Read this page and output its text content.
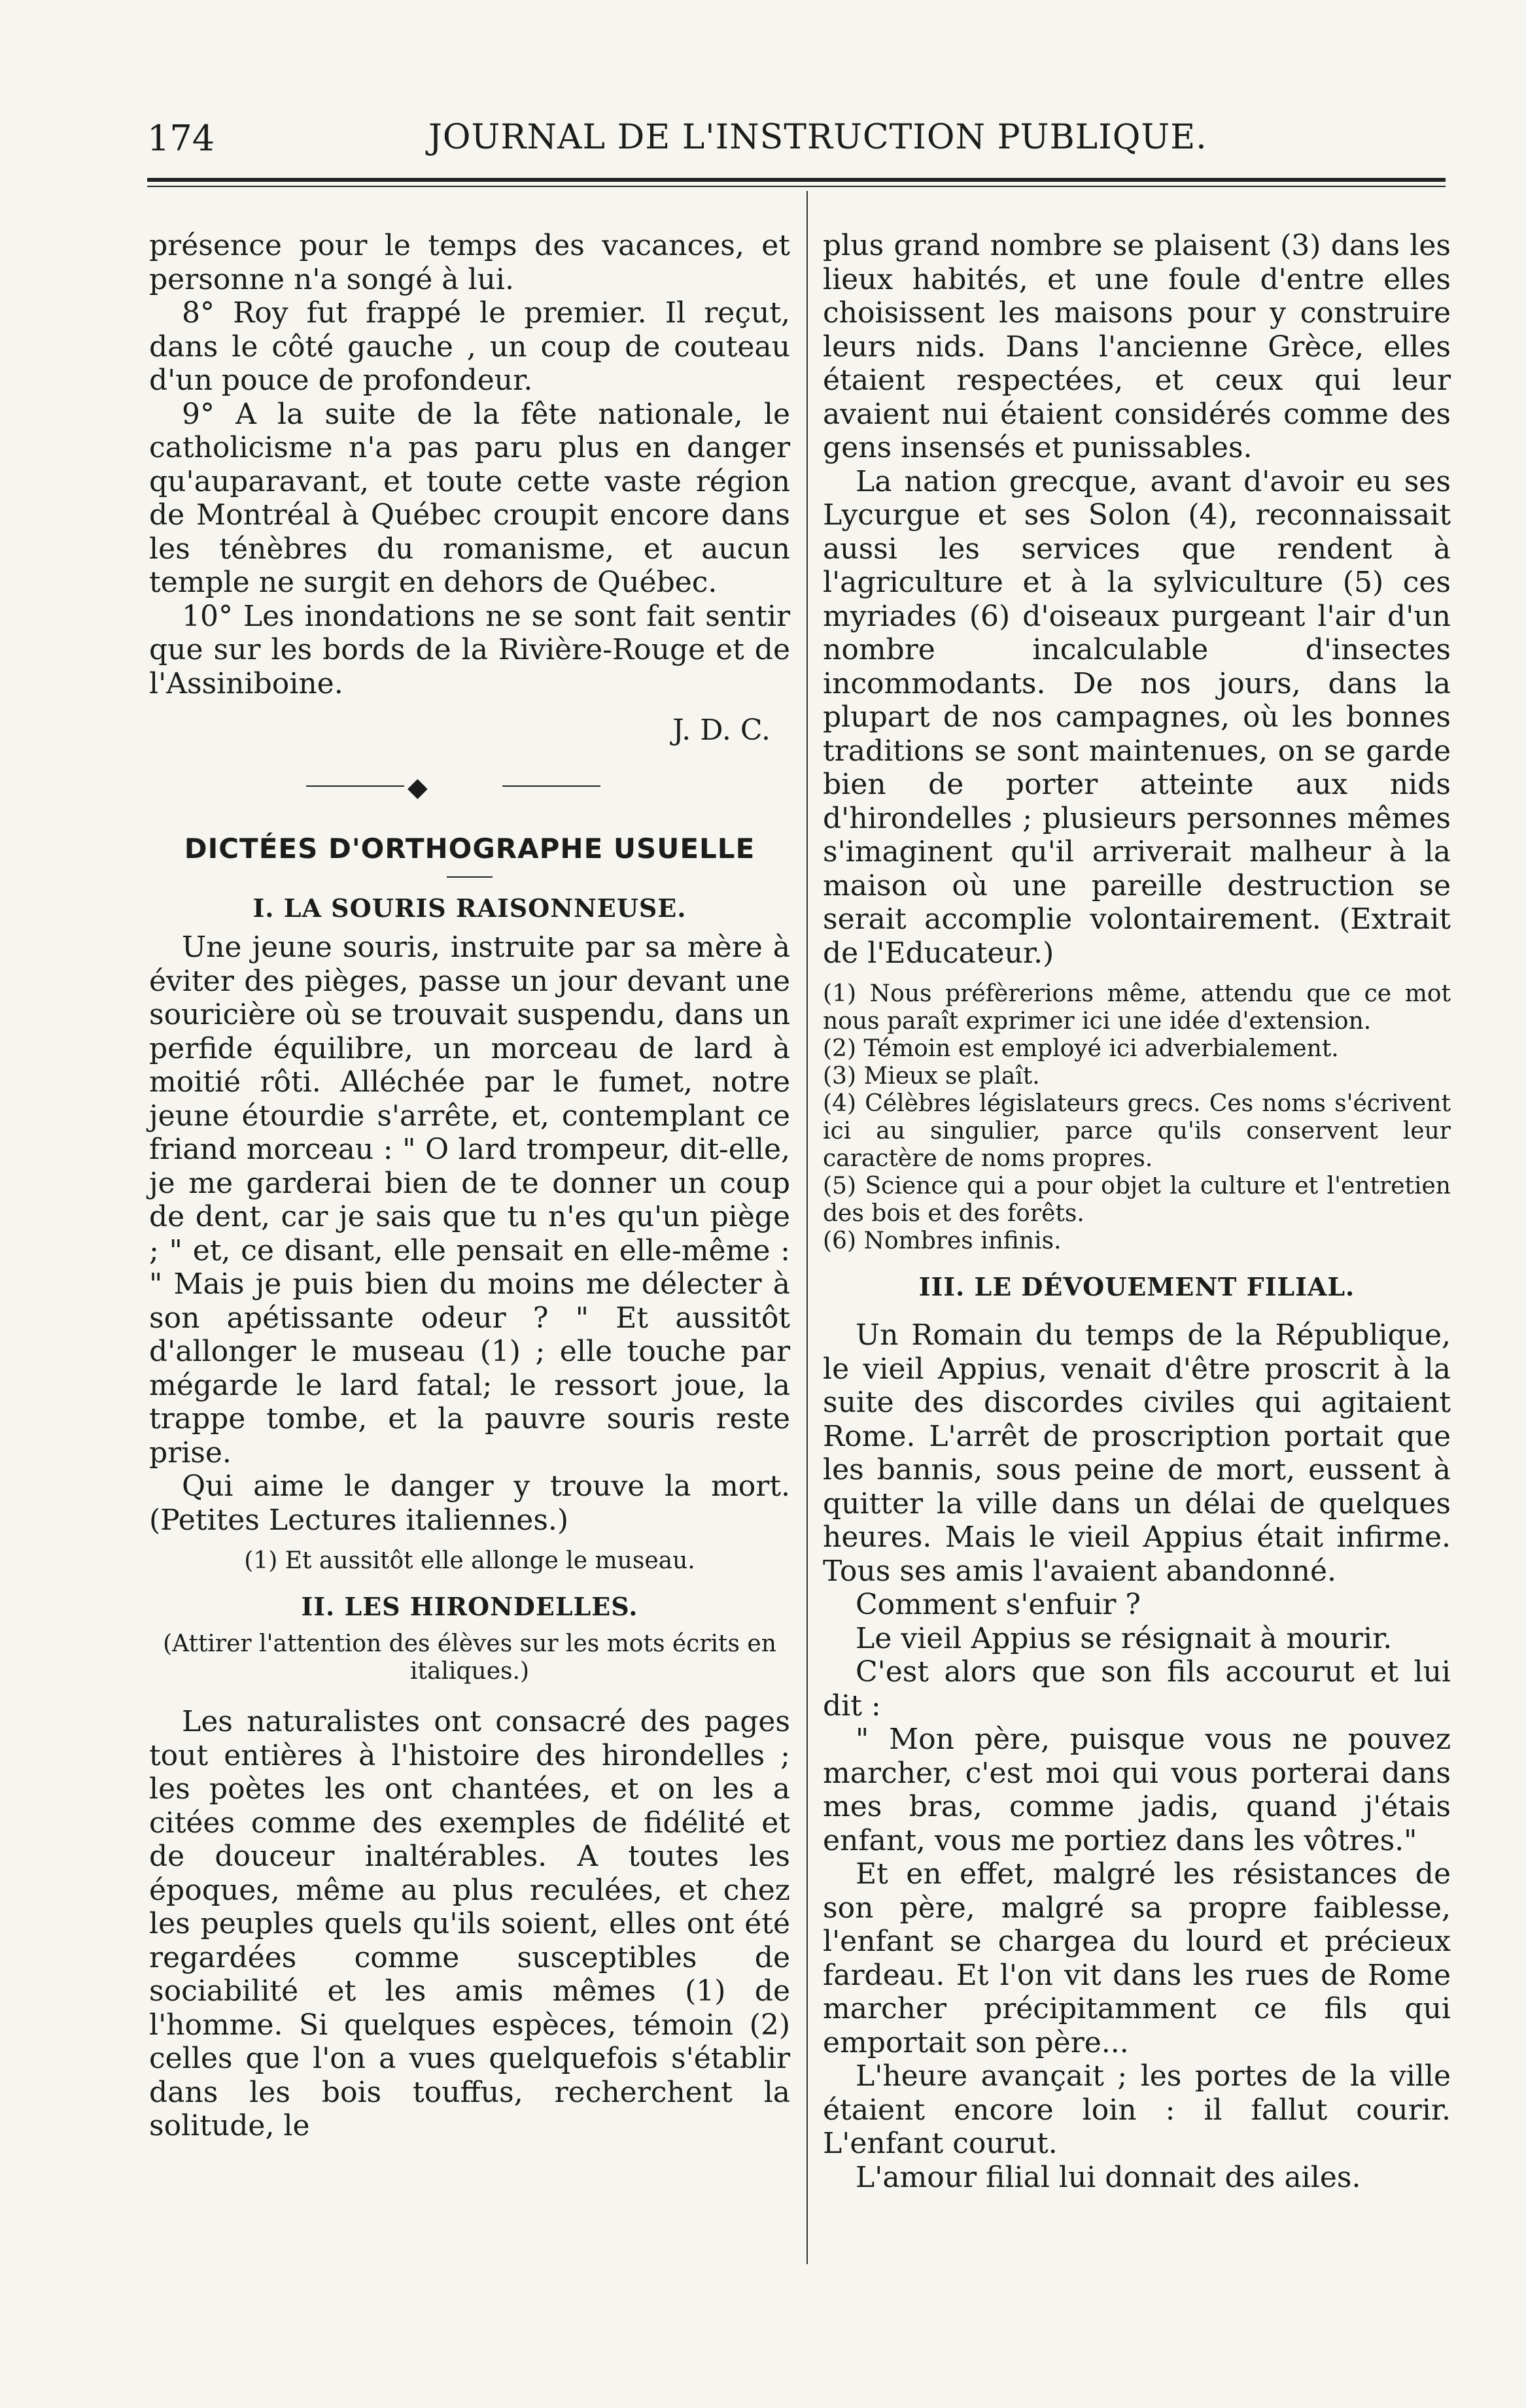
174	JOURNAL DE L'INSTRUCTION PUBLIQUE.

présence pour le temps des vacances, et personne n'a songé à lui.

8° Roy fut frappé le premier. Il reçut, dans le côté gauche , un coup de couteau d'un pouce de profondeur.

9° A la suite de la fête nationale, le catholicisme n'a pas paru plus en danger qu'auparavant, et toute cette vaste région de Montréal à Québec croupit encore dans les ténèbres du romanisme, et aucun temple ne surgit en dehors de Québec.

10° Les inondations ne se sont fait sentir que sur les bords de la Rivière-Rouge et de l'Assiniboine.

J. D. C.

◆
DICTÉES D'ORTHOGRAPHE USUELLE
I. LA SOURIS RAISONNEUSE.

Une jeune souris, instruite par sa mère à éviter des pièges, passe un jour devant une souricière où se trouvait suspendu, dans un perfide équilibre, un morceau de lard à moitié rôti. Alléchée par le fumet, notre jeune étourdie s'arrête, et, contemplant ce friand morceau : " O lard trompeur, dit-elle, je me garderai bien de te donner un coup de dent, car je sais que tu n'es qu'un piège ; " et, ce disant, elle pensait en elle-même : " Mais je puis bien du moins me délecter à son apétissante odeur ? " Et aussitôt d'allonger le museau (1) ; elle touche par mégarde le lard fatal; le ressort joue, la trappe tombe, et la pauvre souris reste prise.

Qui aime le danger y trouve la mort. (Petites Lectures italiennes.)

(1) Et aussitôt elle allonge le museau.

II. LES HIRONDELLES.

(Attirer l'attention des élèves sur les mots écrits en italiques.)

Les naturalistes ont consacré des pages tout entières à l'histoire des hirondelles ; les poètes les ont chantées, et on les a citées comme des exemples de fidélité et de douceur inaltérables. A toutes les époques, même au plus reculées, et chez les peuples quels qu'ils soient, elles ont été regardées comme susceptibles de sociabilité et les amis mêmes (1) de l'homme. Si quelques espèces, témoin (2) celles que l'on a vues quelquefois s'établir dans les bois touffus, recherchent la solitude, le

plus grand nombre se plaisent (3) dans les lieux habités, et une foule d'entre elles choisissent les maisons pour y construire leurs nids. Dans l'ancienne Grèce, elles étaient respectées, et ceux qui leur avaient nui étaient considérés comme des gens insensés et punissables.

La nation grecque, avant d'avoir eu ses Lycurgue et ses Solon (4), reconnaissait aussi les services que rendent à l'agriculture et à la sylviculture (5) ces myriades (6) d'oiseaux purgeant l'air d'un nombre incalculable d'insectes incommodants. De nos jours, dans la plupart de nos campagnes, où les bonnes traditions se sont maintenues, on se garde bien de porter atteinte aux nids d'hirondelles ; plusieurs personnes mêmes s'imaginent qu'il arriverait malheur à la maison où une pareille destruction se serait accomplie volontairement. (Extrait de l'Educateur.)

(1) Nous préfèrerions même, attendu que ce mot nous paraît exprimer ici une idée d'extension.

(2) Témoin est employé ici adverbialement.

(3) Mieux se plaît.

(4) Célèbres législateurs grecs. Ces noms s'écrivent ici au singulier, parce qu'ils conservent leur caractère de noms propres.

(5) Science qui a pour objet la culture et l'entretien des bois et des forêts.

(6) Nombres infinis.

III. LE DÉVOUEMENT FILIAL.

Un Romain du temps de la République, le vieil Appius, venait d'être proscrit à la suite des discordes civiles qui agitaient Rome. L'arrêt de proscription portait que les bannis, sous peine de mort, eussent à quitter la ville dans un délai de quelques heures. Mais le vieil Appius était infirme. Tous ses amis l'avaient abandonné.

Comment s'enfuir ?

Le vieil Appius se résignait à mourir.

C'est alors que son fils accourut et lui dit :

" Mon père, puisque vous ne pouvez marcher, c'est moi qui vous porterai dans mes bras, comme jadis, quand j'étais enfant, vous me portiez dans les vôtres."

Et en effet, malgré les résistances de son père, malgré sa propre faiblesse, l'enfant se chargea du lourd et précieux fardeau. Et l'on vit dans les rues de Rome marcher précipitamment ce fils qui emportait son père...

L'heure avançait ; les portes de la ville étaient encore loin : il fallut courir. L'enfant courut.

L'amour filial lui donnait des ailes.
